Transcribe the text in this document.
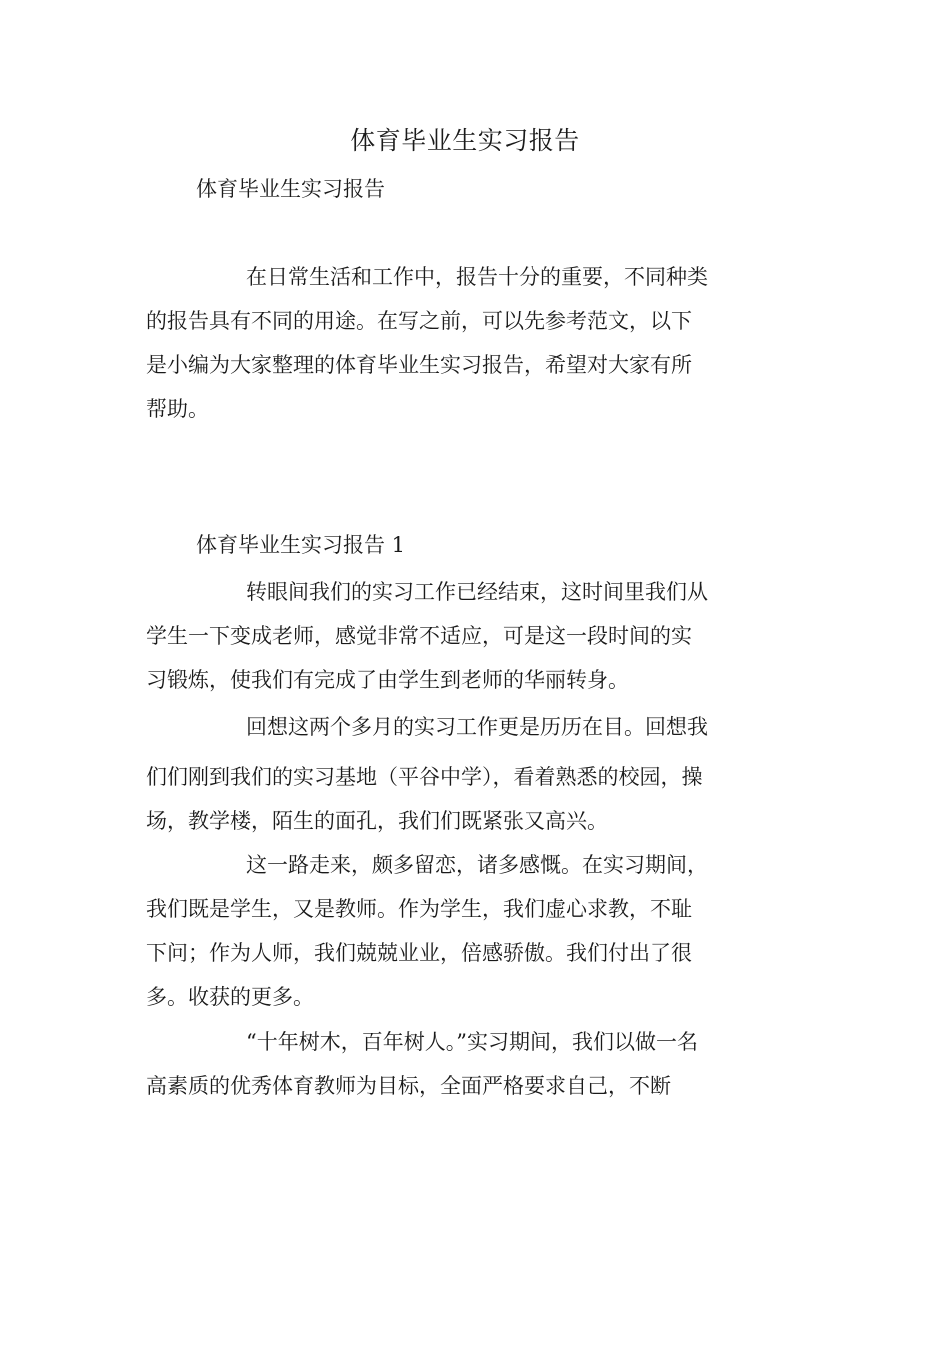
体育毕业生实习报告
体育毕业生实习报告
在日常生活和工作中，报告十分的重要，不同种类
的报告具有不同的用途。在写之前，可以先参考范文，以下
是小编为大家整理的体育毕业生实习报告，希望对大家有所
帮助。
体育毕业生实习报告 1
转眼间我们的实习工作已经结束，这时间里我们从
学生一下变成老师，感觉非常不适应，可是这一段时间的实
习锻炼，使我们有完成了由学生到老师的华丽转身。
回想这两个多月的实习工作更是历历在目。回想我
们们刚到我们的实习基地（平谷中学），看着熟悉的校园，操
场，教学楼，陌生的面孔，我们们既紧张又高兴。
这一路走来，颇多留恋，诸多感慨。在实习期间，
我们既是学生，又是教师。作为学生，我们虚心求教，不耻
下问；作为人师，我们兢兢业业，倍感骄傲。我们付出了很
多。收获的更多。
“十年树木，百年树人。”实习期间，我们以做一名
高素质的优秀体育教师为目标，全面严格要求自己，不断
